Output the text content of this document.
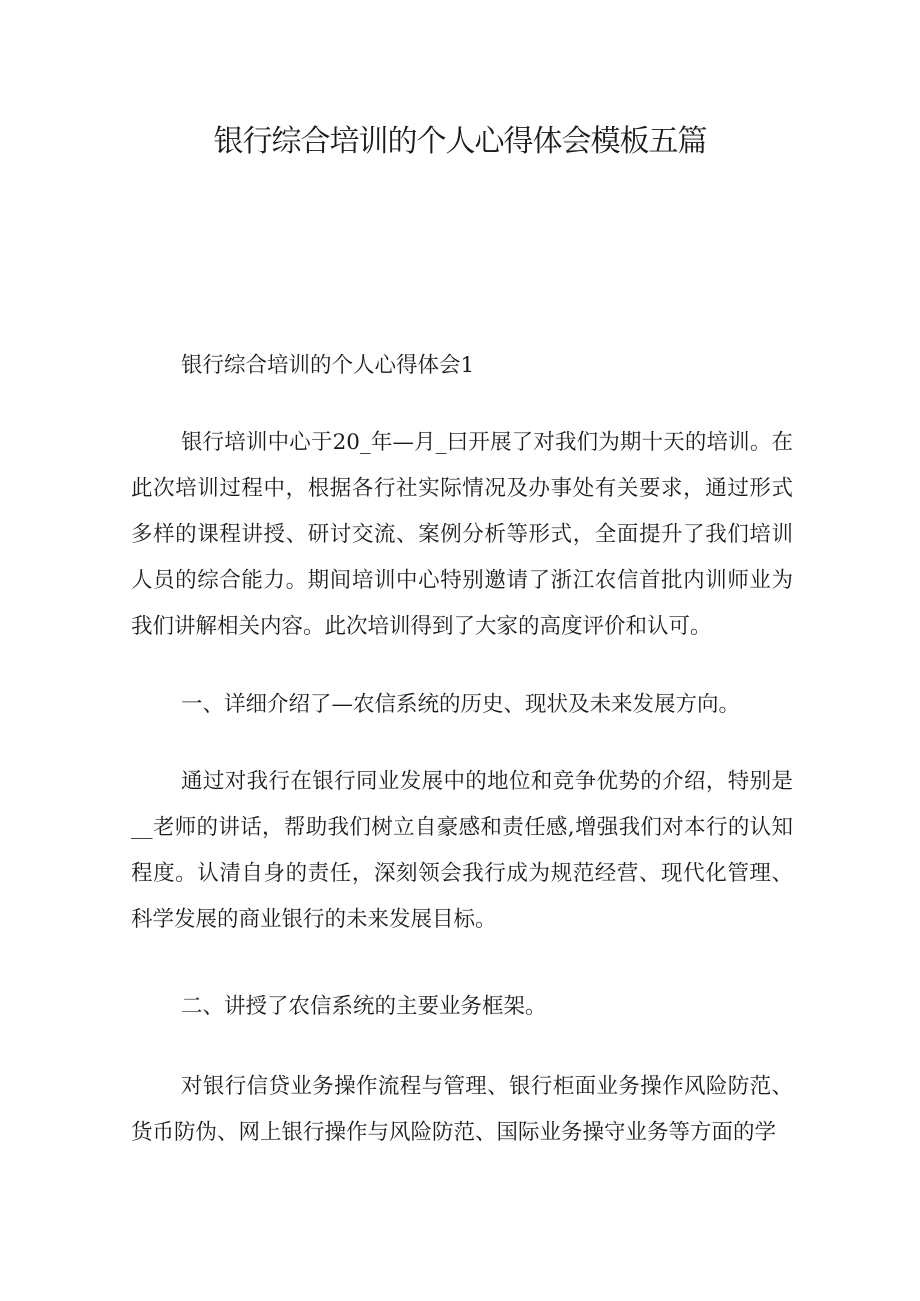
银行综合培训的个人心得体会模板五篇

银行综合培训的个人心得体会1

银行培训中心于20_年—月_曰开展了对我们为期十天的培训。在此次培训过程中，根据各行社实际情况及办事处有关要求，通过形式多样的课程讲授、研讨交流、案例分析等形式，全面提升了我们培训人员的综合能力。期间培训中心特别邀请了浙江农信首批内训师业为我们讲解相关内容。此次培训得到了大家的高度评价和认可。

一、详细介绍了—农信系统的历史、现状及未来发展方向。

通过对我行在银行同业发展中的地位和竞争优势的介绍，特别是__老师的讲话，帮助我们树立自豪感和责任感,增强我们对本行的认知程度。认清自身的责任，深刻领会我行成为规范经营、现代化管理、科学发展的商业银行的未来发展目标。

二、讲授了农信系统的主要业务框架。

对银行信贷业务操作流程与管理、银行柜面业务操作风险防范、货币防伪、网上银行操作与风险防范、国际业务操守业务等方面的学
